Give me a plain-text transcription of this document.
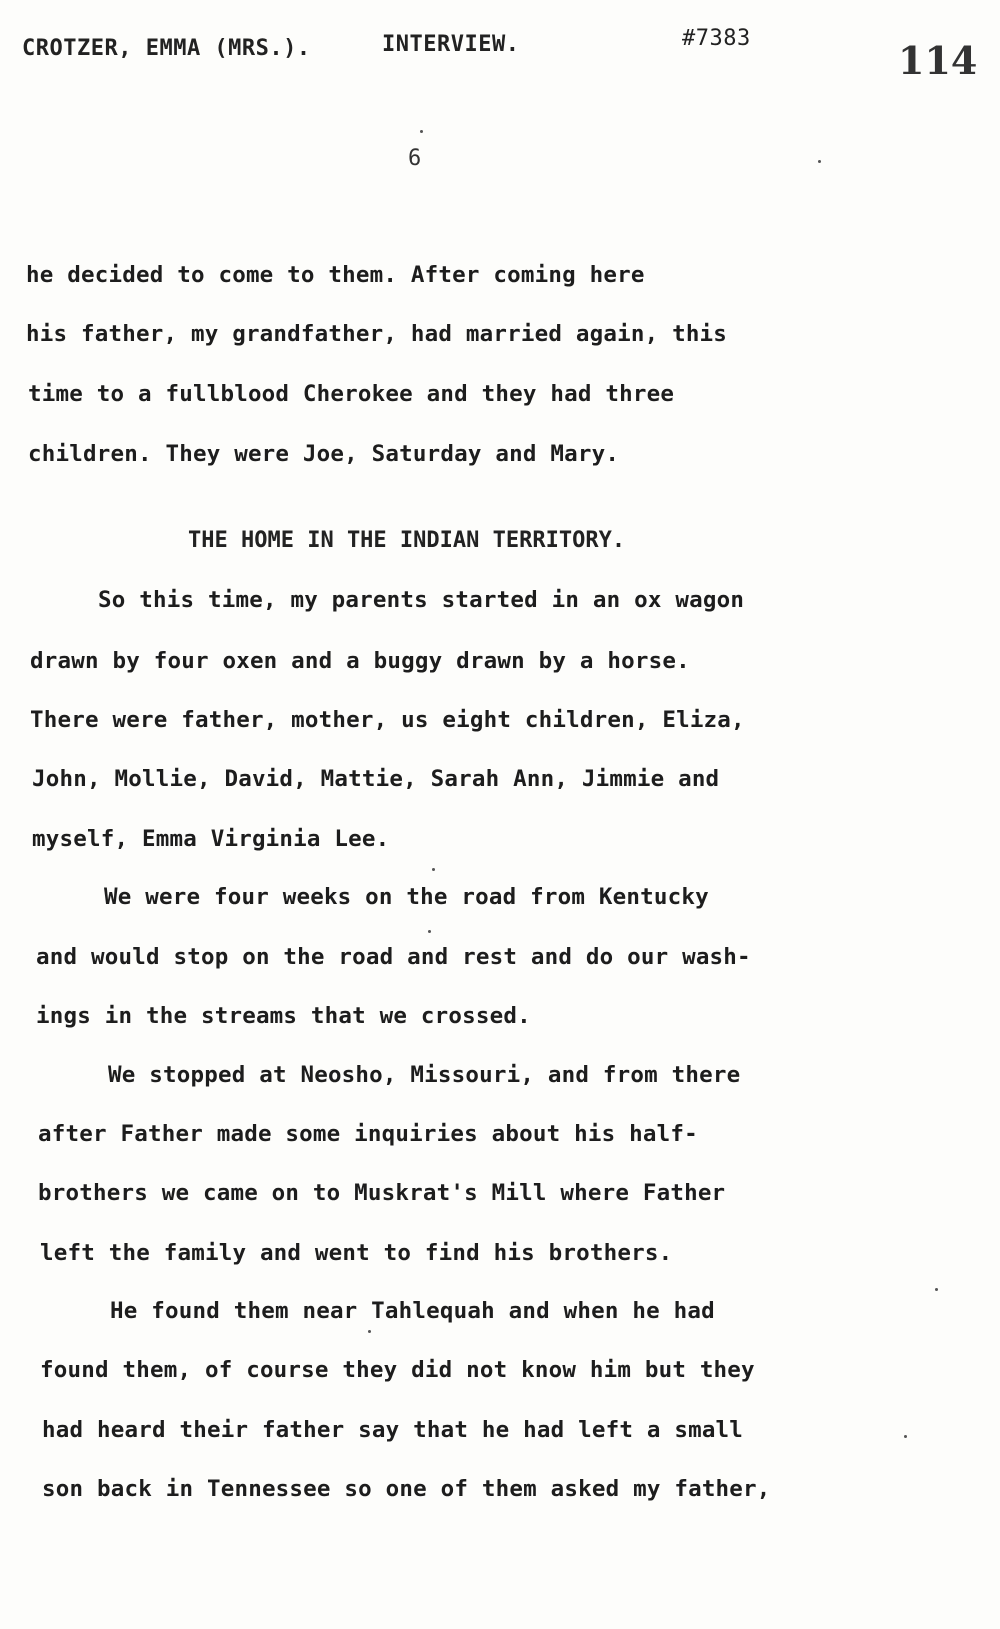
CROTZER, EMMA (MRS.).	INTERVIEW.	#7383	114
6
he decided to come to them. After coming here
his father, my grandfather, had married again, this
time to a fullblood Cherokee and they had three
children. They were Joe, Saturday and Mary.
THE HOME IN THE INDIAN TERRITORY.
So this time, my parents started in an ox wagon
drawn by four oxen and a buggy drawn by a horse.
There were father, mother, us eight children, Eliza,
John, Mollie, David, Mattie, Sarah Ann, Jimmie and
myself, Emma Virginia Lee.
We were four weeks on the road from Kentucky
and would stop on the road and rest and do our wash-
ings in the streams that we crossed.
We stopped at Neosho, Missouri, and from there
after Father made some inquiries about his half-
brothers we came on to Muskrat's Mill where Father
left the family and went to find his brothers.
He found them near Tahlequah and when he had
found them, of course they did not know him but they
had heard their father say that he had left a small
son back in Tennessee so one of them asked my father,
